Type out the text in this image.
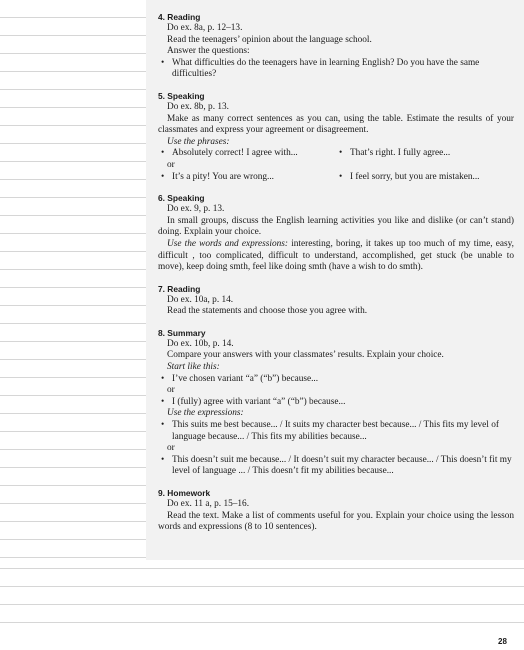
4. Reading

Do ex. 8a, p. 12–13.

Read the teenagers’ opinion about the language school.

Answer the questions:

• What difficulties do the teenagers have in learning English? Do you have the same difficulties?

5. Speaking

Do ex. 8b, p. 13.

Make as many correct sentences as you can, using the table. Estimate the results of your classmates and express your agreement or disagreement.

Use the phrases:

• Absolutely correct! I agree with...	• That’s right. I fully agree...

or

• It’s a pity! You are wrong...	• I feel sorry, but you are mistaken...

6. Speaking

Do ex. 9, p. 13.

In small groups, discuss the English learning activities you like and dislike (or can’t stand) doing. Explain your choice.

Use the words and expressions: interesting, boring, it takes up too much of my time, easy, difficult , too complicated, difficult to understand, accomplished, get stuck (be unable to move), keep doing smth, feel like doing smth (have a wish to do smth).

7. Reading

Do ex. 10a, p. 14.

Read the statements and choose those you agree with.

8. Summary

Do ex. 10b, p. 14.

Compare your answers with your classmates’ results. Explain your choice.

Start like this:

• I’ve chosen variant “a” (“b”) because...

or

• I (fully) agree with variant “a” (“b”) because...

Use the expressions:

• This suits me best because... / It suits my character best because... / This fits my level of language because... / This fits my abilities because...

or

• This doesn’t suit me because... / It doesn’t suit my character because... / This doesn’t fit my level of language ... / This doesn’t fit my abilities because...

9. Homework

Do ex. 11 a, p. 15–16.

Read the text. Make a list of comments useful for you. Explain your choice using the lesson words and expressions (8 to 10 sentences).

28
